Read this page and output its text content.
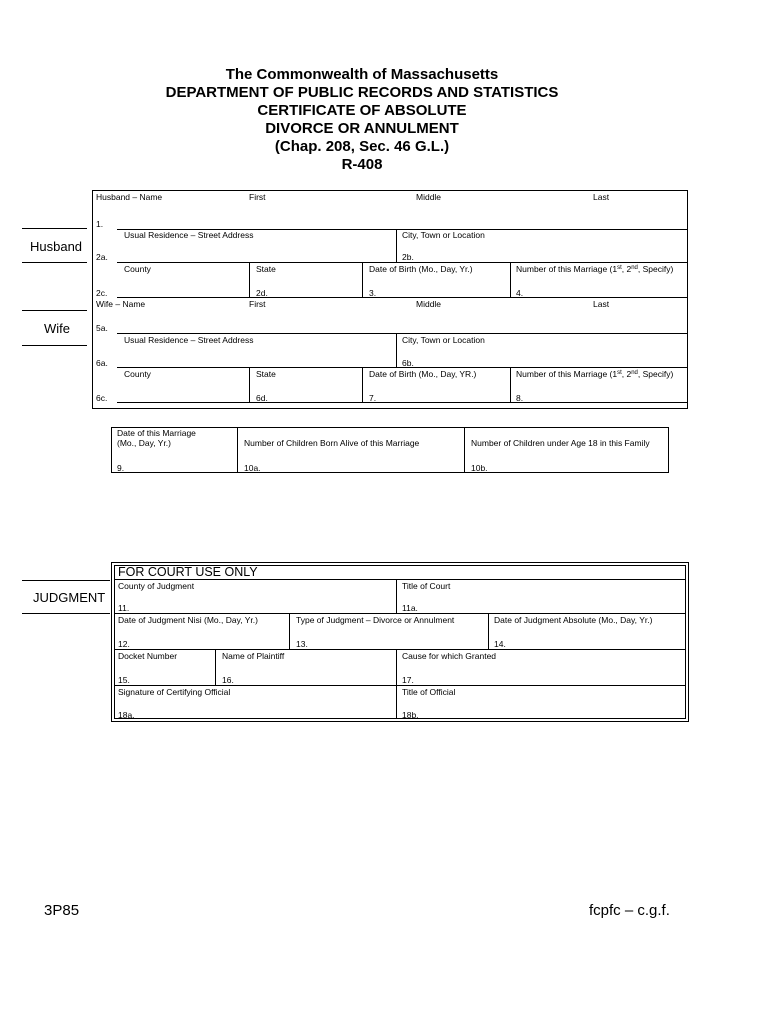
The Commonwealth of Massachusetts
DEPARTMENT OF PUBLIC RECORDS AND STATISTICS
CERTIFICATE OF ABSOLUTE
DIVORCE OR ANNULMENT
(Chap. 208, Sec. 46 G.L.)
R-408
Husband
Wife
Husband – Name	First	Middle	Last
1.
Usual Residence – Street Address	City, Town or Location
2a.	2b.
County	State	Date of Birth (Mo., Day, Yr.)	Number of this Marriage (1st, 2nd, Specify)
2c.	2d.	3.	4.
Wife – Name	First	Middle	Last
5a.
Usual Residence – Street Address	City, Town or Location
6a.	6b.
County	State	Date of Birth (Mo., Day, YR.)	Number of this Marriage (1st, 2nd, Specify)
6c.	6d.	7.	8.
Date of this Marriage
(Mo., Day, Yr.)	Number of Children Born Alive of this Marriage	Number of Children under Age 18 in this Family
9.	10a.	10b.
JUDGMENT
FOR COURT USE ONLY
County of Judgment	Title of Court
11.	11a.
Date of Judgment Nisi (Mo., Day, Yr.)	Type of Judgment – Divorce or Annulment	Date of Judgment Absolute (Mo., Day, Yr.)
12.	13.	14.
Docket Number	Name of Plaintiff	Cause for which Granted
15.	16.	17.
Signature of Certifying Official	Title of Official
18a.	18b.
3P85	fcpfc – c.g.f.
